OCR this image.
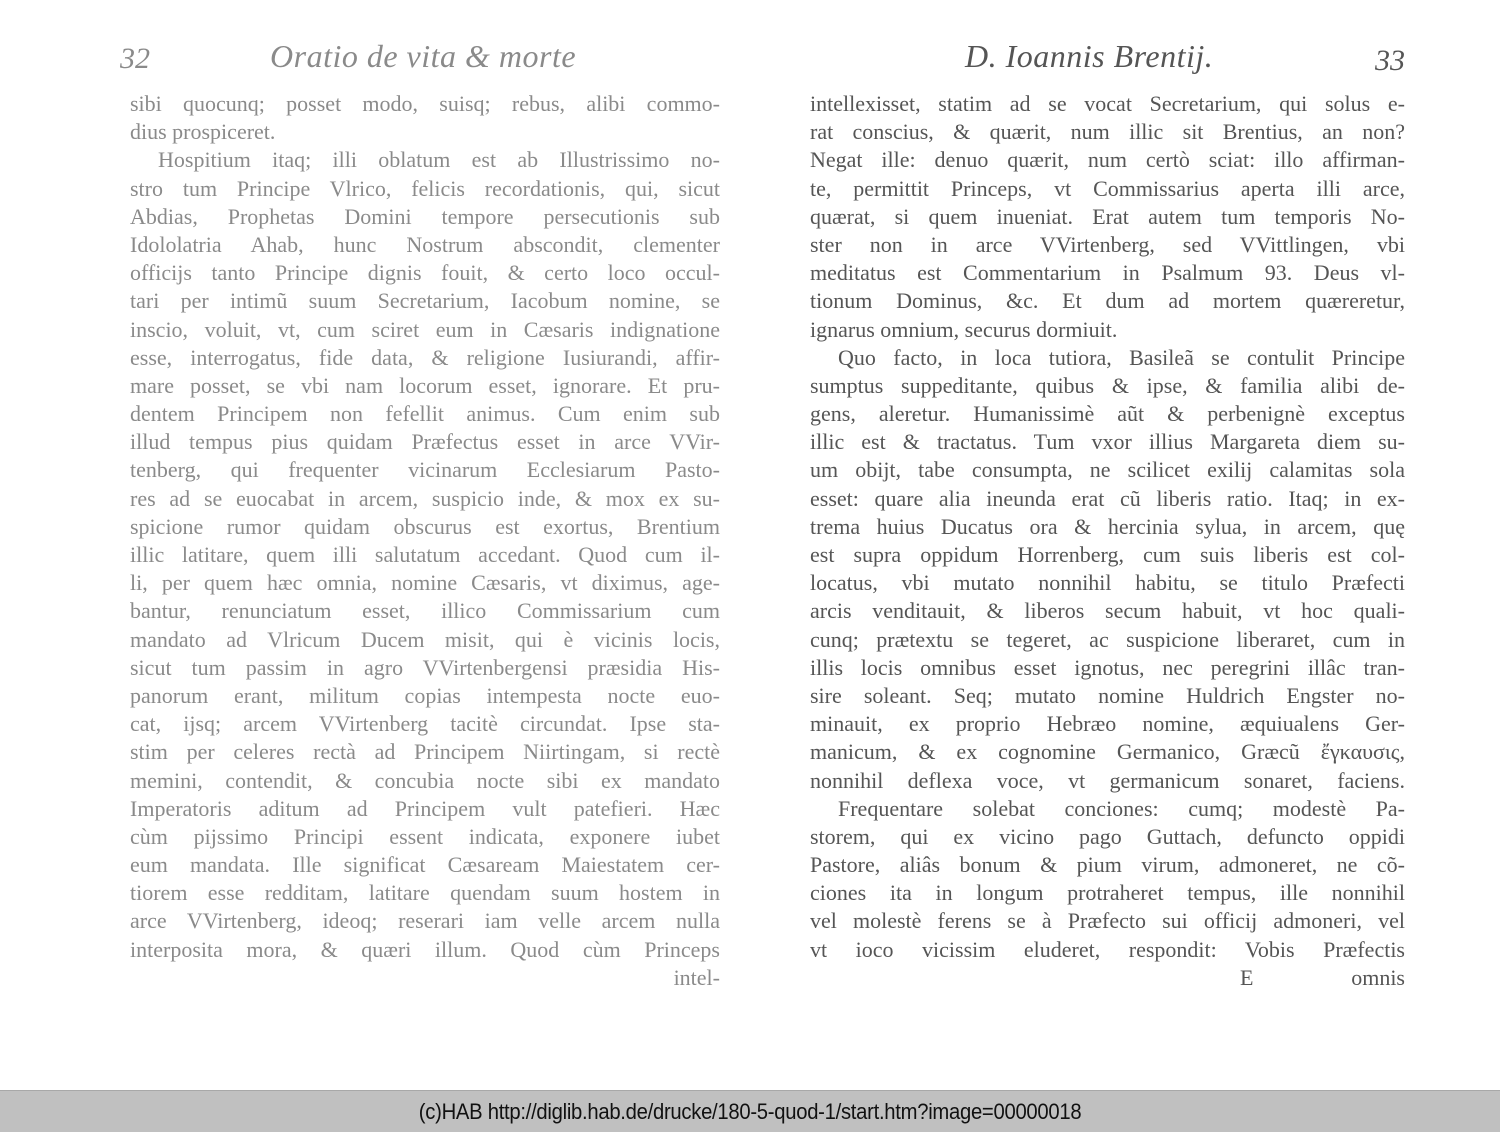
32	Oratio de vita & morte
sibi quocunq; posset modo, suisq; rebus, alibi commo-
dius prospiceret.
Hospitium itaq; illi oblatum est ab Illustrissimo no-
stro tum Principe Vlrico, felicis recordationis, qui, sicut
Abdias, Prophetas Domini tempore persecutionis sub
Idololatria Ahab, hunc Nostrum abscondit, clementer
officijs tanto Principe dignis fouit, & certo loco occul-
tari per intimũ suum Secretarium, Iacobum nomine, se
inscio, voluit, vt, cum sciret eum in Cæsaris indignatione
esse, interrogatus, fide data, & religione Iusiurandi, affir-
mare posset, se vbi nam locorum esset, ignorare. Et pru-
dentem Principem non fefellit animus. Cum enim sub
illud tempus pius quidam Præfectus esset in arce VVir-
tenberg, qui frequenter vicinarum Ecclesiarum Pasto-
res ad se euocabat in arcem, suspicio inde, & mox ex su-
spicione rumor quidam obscurus est exortus, Brentium
illic latitare, quem illi salutatum accedant. Quod cum il-
li, per quem hæc omnia, nomine Cæsaris, vt diximus, age-
bantur, renunciatum esset, illico Commissarium cum
mandato ad Vlricum Ducem misit, qui è vicinis locis,
sicut tum passim in agro VVirtenbergensi præsidia His-
panorum erant, militum copias intempesta nocte euo-
cat, ijsq; arcem VVirtenberg tacitè circundat. Ipse sta-
stim per celeres rectà ad Principem Niirtingam, si rectè
memini, contendit, & concubia nocte sibi ex mandato
Imperatoris aditum ad Principem vult patefieri. Hæc
cùm pijssimo Principi essent indicata, exponere iubet
eum mandata. Ille significat Cæsaream Maiestatem cer-
tiorem esse redditam, latitare quendam suum hostem in
arce VVirtenberg, ideoq; reserari iam velle arcem nulla
interposita mora, & quæri illum. Quod cùm Princeps
intel-
D. Ioannis Brentij.	33
intellexisset, statim ad se vocat Secretarium, qui solus e-
rat conscius, & quærit, num illic sit Brentius, an non?
Negat ille: denuo quærit, num certò sciat: illo affirman-
te, permittit Princeps, vt Commissarius aperta illi arce,
quærat, si quem inueniat. Erat autem tum temporis No-
ster non in arce VVirtenberg, sed VVittlingen, vbi
meditatus est Commentarium in Psalmum 93. Deus vl-
tionum Dominus, &c. Et dum ad mortem quæreretur,
ignarus omnium, securus dormiuit.
Quo facto, in loca tutiora, Basileã se contulit Principe
sumptus suppeditante, quibus & ipse, & familia alibi de-
gens, aleretur. Humanissimè aũt & perbenignè exceptus
illic est & tractatus. Tum vxor illius Margareta diem su-
um obijt, tabe consumpta, ne scilicet exilij calamitas sola
esset: quare alia ineunda erat cũ liberis ratio. Itaq; in ex-
trema huius Ducatus ora & hercinia sylua, in arcem, quę
est supra oppidum Horrenberg, cum suis liberis est col-
locatus, vbi mutato nonnihil habitu, se titulo Præfecti
arcis venditauit, & liberos secum habuit, vt hoc quali-
cunq; prætextu se tegeret, ac suspicione liberaret, cum in
illis locis omnibus esset ignotus, nec peregrini illâc tran-
sire soleant. Seq; mutato nomine Huldrich Engster no-
minauit, ex proprio Hebræo nomine, æquiualens Ger-
manicum, & ex cognomine Germanico, Græcũ ἔγκαυσις,
nonnihil deflexa voce, vt germanicum sonaret, faciens.
Frequentare solebat conciones: cumq; modestè Pa-
storem, qui ex vicino pago Guttach, defuncto oppidi
Pastore, aliâs bonum & pium virum, admoneret, ne cõ-
ciones ita in longum protraheret tempus, ille nonnihil
vel molestè ferens se à Præfecto sui officij admoneri, vel
vt ioco vicissim eluderet, respondit: Vobis Præfectis
E	omnis
(c)HAB http://diglib.hab.de/drucke/180-5-quod-1/start.htm?image=00000018
